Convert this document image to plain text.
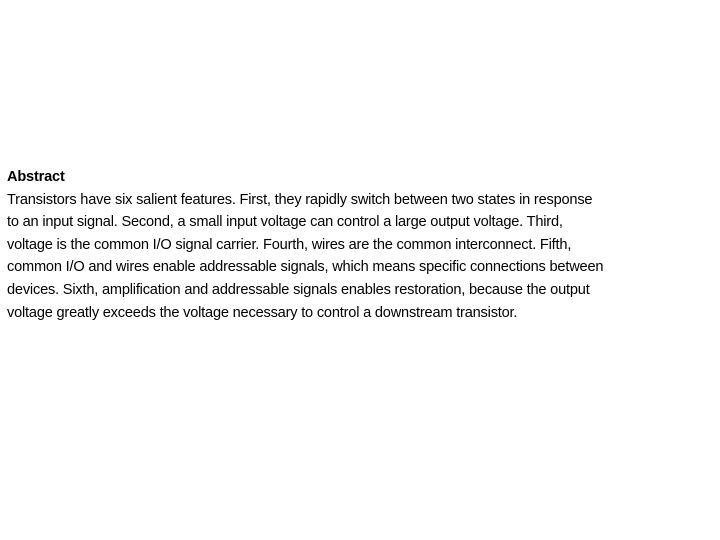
Abstract
Transistors have six salient features. First, they rapidly switch between two states in response
to an input signal. Second, a small input voltage can control a large output voltage. Third,
voltage is the common I/O signal carrier. Fourth, wires are the common interconnect. Fifth,
common I/O and wires enable addressable signals, which means specific connections between
devices. Sixth, amplification and addressable signals enables restoration, because the output
voltage greatly exceeds the voltage necessary to control a downstream transistor.
